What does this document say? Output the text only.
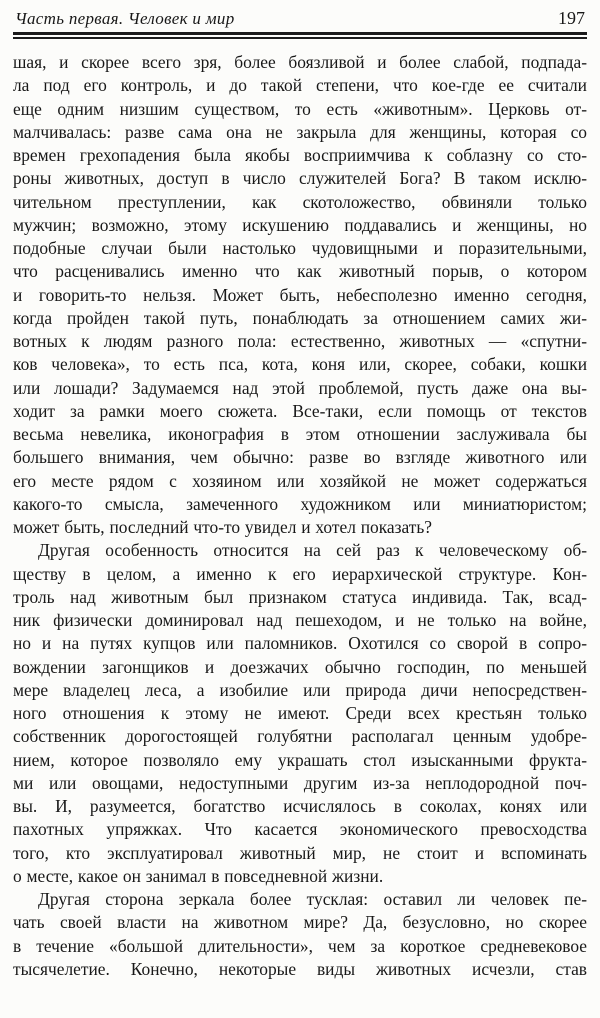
Часть первая. Человек и мир	197
шая, и скорее всего зря, более боязливой и более слабой, подпада-
ла под его контроль, и до такой степени, что кое-где ее считали
еще одним низшим существом, то есть «животным». Церковь от-
малчивалась: разве сама она не закрыла для женщины, которая со
времен грехопадения была якобы восприимчива к соблазну со сто-
роны животных, доступ в число служителей Бога? В таком исклю-
чительном преступлении, как скотоложество, обвиняли только
мужчин; возможно, этому искушению поддавались и женщины, но
подобные случаи были настолько чудовищными и поразительными,
что расценивались именно что как животный порыв, о котором
и говорить-то нельзя. Может быть, небесполезно именно сегодня,
когда пройден такой путь, понаблюдать за отношением самих жи-
вотных к людям разного пола: естественно, животных — «спутни-
ков человека», то есть пса, кота, коня или, скорее, собаки, кошки
или лошади? Задумаемся над этой проблемой, пусть даже она вы-
ходит за рамки моего сюжета. Все-таки, если помощь от текстов
весьма невелика, иконография в этом отношении заслуживала бы
большего внимания, чем обычно: разве во взгляде животного или
его месте рядом с хозяином или хозяйкой не может содержаться
какого-то смысла, замеченного художником или миниатюристом;
может быть, последний что-то увидел и хотел показать?
Другая особенность относится на сей раз к человеческому об-
ществу в целом, а именно к его иерархической структуре. Кон-
троль над животным был признаком статуса индивида. Так, всад-
ник физически доминировал над пешеходом, и не только на войне,
но и на путях купцов или паломников. Охотился со сворой в сопро-
вождении загонщиков и доезжачих обычно господин, по меньшей
мере владелец леса, а изобилие или природа дичи непосредствен-
ного отношения к этому не имеют. Среди всех крестьян только
собственник дорогостоящей голубятни располагал ценным удобре-
нием, которое позволяло ему украшать стол изысканными фрукта-
ми или овощами, недоступными другим из-за неплодородной поч-
вы. И, разумеется, богатство исчислялось в соколах, конях или
пахотных упряжках. Что касается экономического превосходства
того, кто эксплуатировал животный мир, не стоит и вспоминать
о месте, какое он занимал в повседневной жизни.
Другая сторона зеркала более тусклая: оставил ли человек пе-
чать своей власти на животном мире? Да, безусловно, но скорее
в течение «большой длительности», чем за короткое средневековое
тысячелетие. Конечно, некоторые виды животных исчезли, став
